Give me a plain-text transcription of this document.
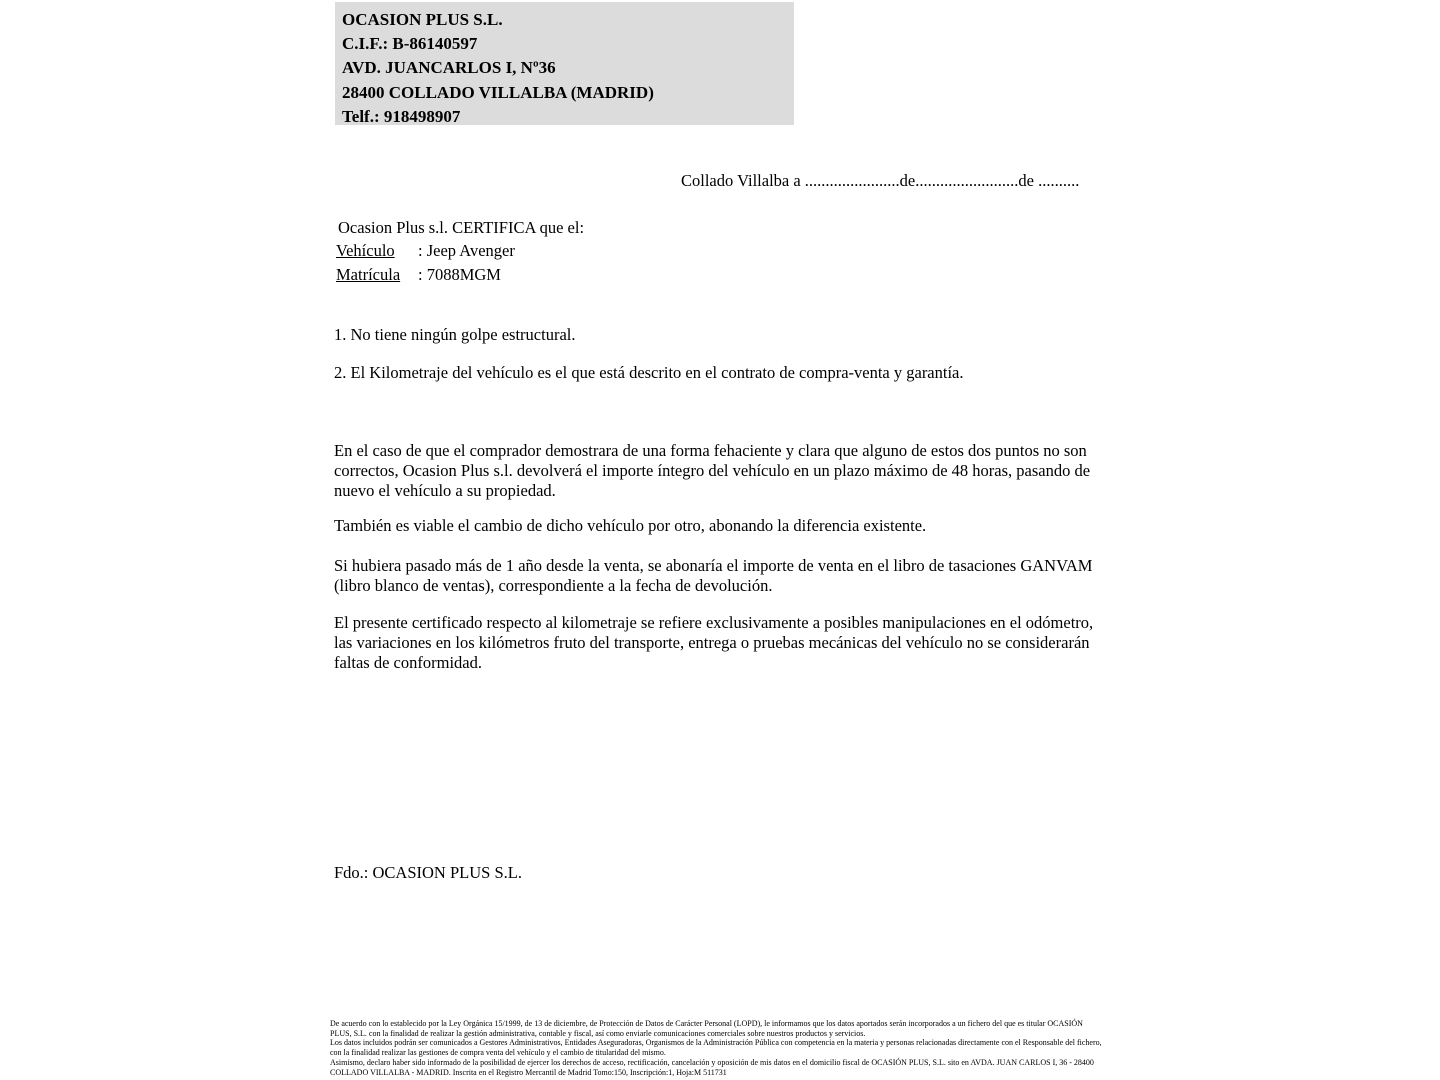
OCASION PLUS S.L.
C.I.F.: B-86140597
AVD. JUANCARLOS I, Nº36
28400 COLLADO VILLALBA (MADRID)
Telf.: 918498907
Collado Villalba a .......................de.........................de ..........
Ocasion Plus s.l. CERTIFICA que el:
Vehículo : Jeep Avenger
Matrícula : 7088MGM
1. No tiene ningún golpe estructural.
2. El Kilometraje del vehículo es el que está descrito en el contrato de compra-venta y garantía.
En el caso de que el comprador demostrara de una forma fehaciente y clara que alguno de estos dos puntos no son correctos, Ocasion Plus s.l. devolverá el importe íntegro del vehículo en un plazo máximo de 48 horas, pasando de nuevo el vehículo a su propiedad.
También es viable el cambio de dicho vehículo por otro, abonando la diferencia existente.
Si hubiera pasado más de 1 año desde la venta, se abonaría el importe de venta en el libro de tasaciones GANVAM (libro blanco de ventas), correspondiente a la fecha de devolución.
El presente certificado respecto al kilometraje se refiere exclusivamente a posibles manipulaciones en el odómetro, las variaciones en los kilómetros fruto del transporte, entrega o pruebas mecánicas del vehículo no se considerarán faltas de conformidad.
Fdo.: OCASION PLUS S.L.

De acuerdo con lo establecido por la Ley Orgánica 15/1999, de 13 de diciembre, de Protección de Datos de Carácter Personal (LOPD), le informamos que los datos aportados serán incorporados a un fichero del que es titular OCASIÓN PLUS, S.L. con la finalidad de realizar la gestión administrativa, contable y fiscal, así como enviarle comunicaciones comerciales sobre nuestros productos y servicios.

Los datos incluidos podrán ser comunicados a Gestores Administrativos, Entidades Aseguradoras, Organismos de la Administración Pública con competencia en la materia y personas relacionadas directamente con el Responsable del fichero, con la finalidad realizar las gestiones de compra venta del vehículo y el cambio de titularidad del mismo.

Asimismo, declaro haber sido informado de la posibilidad de ejercer los derechos de acceso, rectificación, cancelación y oposición de mis datos en el domicilio fiscal de OCASIÓN PLUS, S.L. sito en AVDA. JUAN CARLOS I, 36 - 28400 COLLADO VILLALBA - MADRID. Inscrita en el Registro Mercantil de Madrid Tomo:150, Inscripción:1, Hoja:M 511731
